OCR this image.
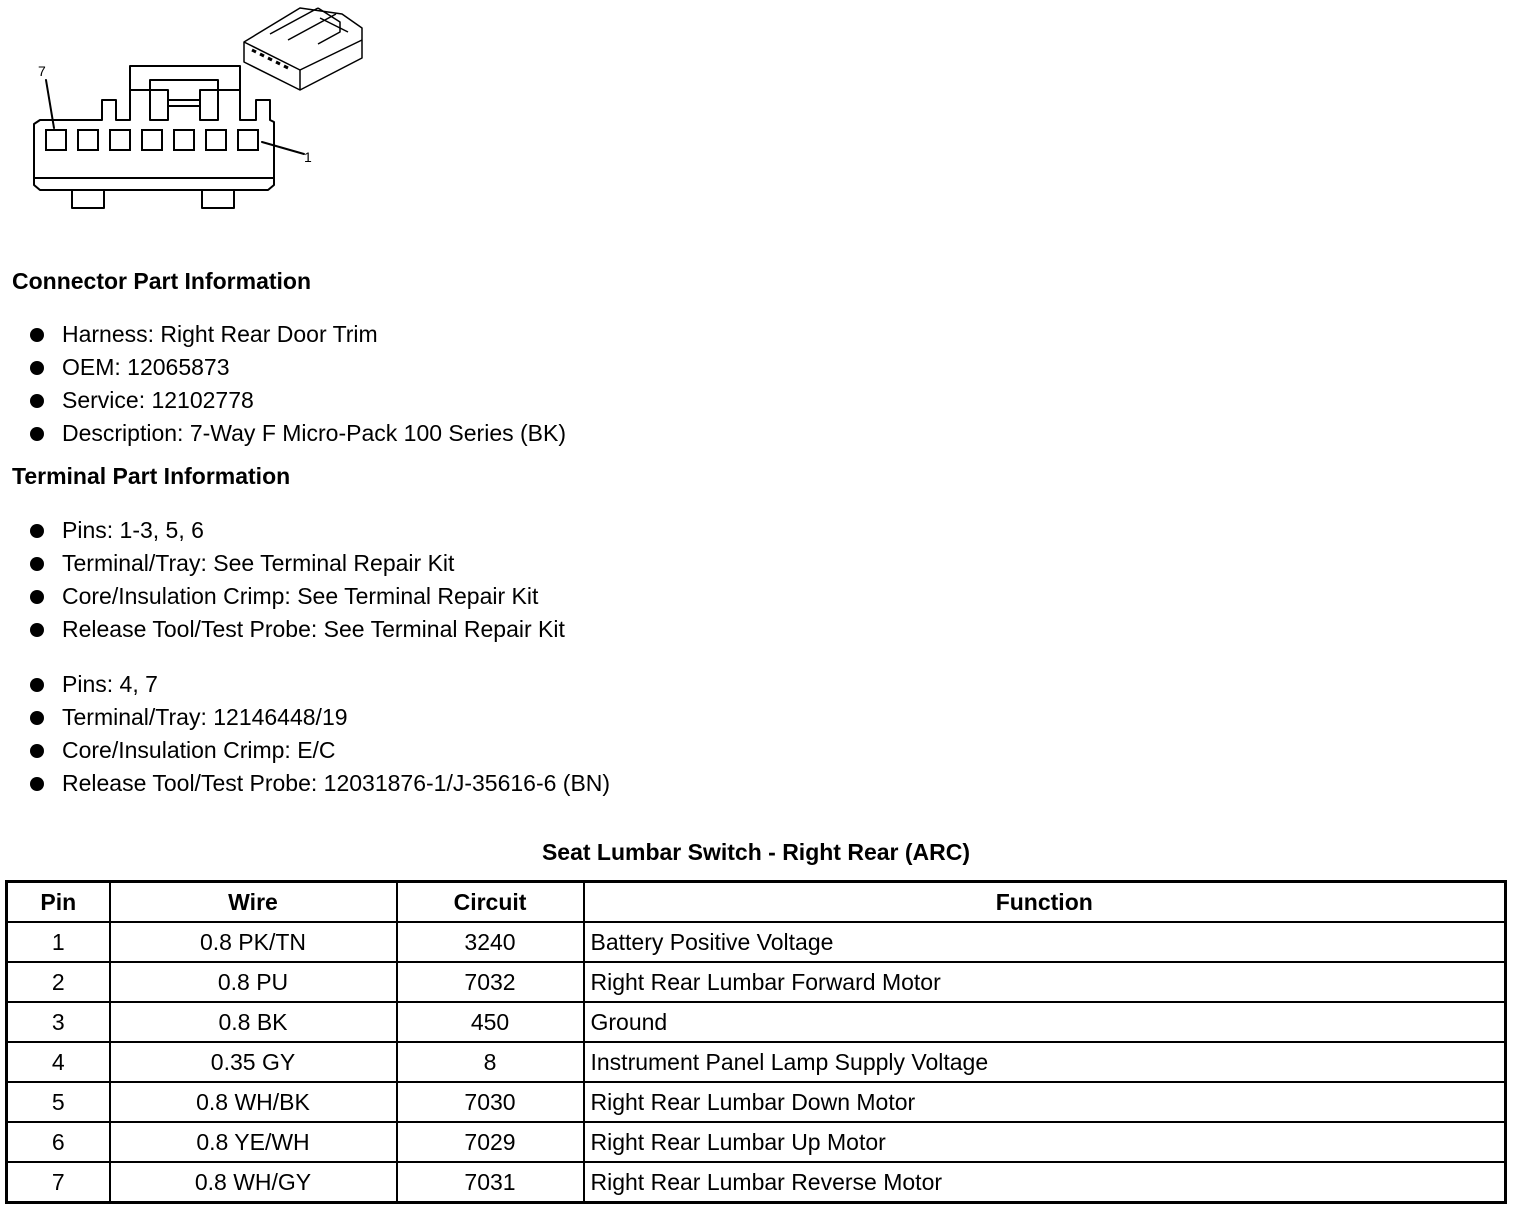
7
1
Connector Part Information
Harness: Right Rear Door Trim
OEM: 12065873
Service: 12102778
Description: 7-Way F Micro-Pack 100 Series (BK)
Terminal Part Information
Pins: 1-3, 5, 6
Terminal/Tray: See Terminal Repair Kit
Core/Insulation Crimp: See Terminal Repair Kit
Release Tool/Test Probe: See Terminal Repair Kit
Pins: 4, 7
Terminal/Tray: 12146448/19
Core/Insulation Crimp: E/C
Release Tool/Test Probe: 12031876-1/J-35616-6 (BN)
Seat Lumbar Switch - Right Rear (ARC)
Pin	Wire	Circuit	Function
1	0.8 PK/TN	3240	Battery Positive Voltage
2	0.8 PU	7032	Right Rear Lumbar Forward Motor
3	0.8 BK	450	Ground
4	0.35 GY	8	Instrument Panel Lamp Supply Voltage
5	0.8 WH/BK	7030	Right Rear Lumbar Down Motor
6	0.8 YE/WH	7029	Right Rear Lumbar Up Motor
7	0.8 WH/GY	7031	Right Rear Lumbar Reverse Motor
